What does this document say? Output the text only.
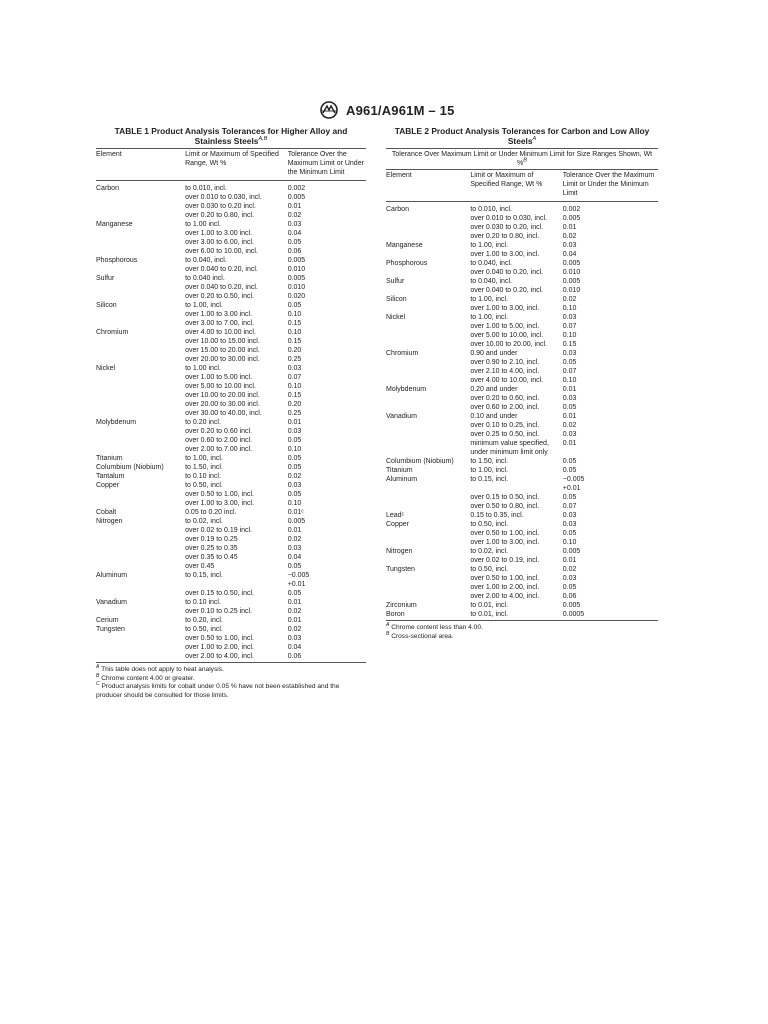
A961/A961M – 15
TABLE 1 Product Analysis Tolerances for Higher Alloy and Stainless Steels$^{A,B}$
Element	Limit or Maximum of Specified Range, Wt %	Tolerance Over the Maximum Limit or Under the Minimum Limit
Carbon	to 0.010, incl.	0.002
	over 0.010 to 0.030, incl.	0.005
	over 0.030 to 0.20 incl.	0.01
	over 0.20 to 0.80, incl.	0.02
Manganese	to 1.00 incl.	0.03
	over 1.00 to 3.00 incl.	0.04
	over 3.00 to 6.00, incl.	0.05
	over 6.00 to 10.00, incl.	0.06
Phosphorous	to 0.040, incl.	0.005
	over 0.040 to 0.20, incl.	0.010
Sulfur	to 0.040 incl.	0.005
	over 0.040 to 0.20, incl.	0.010
	over 0.20 to 0.50, incl.	0.020
Silicon	to 1.00, incl.	0.05
	over 1.00 to 3.00 incl.	0.10
	over 3.00 to 7.00, incl.	0.15
Chromium	over 4.00 to 10.00 incl.	0.10
	over 10.00 to 15.00 incl.	0.15
	over 15.00 to 20.00 incl.	0.20
	over 20.00 to 30.00 incl.	0.25
Nickel	to 1.00 incl.	0.03
	over 1.00 to 5.00 incl.	0.07
	over 5.00 to 10.00 incl.	0.10
	over 10.00 to 20.00 incl.	0.15
	over 20.00 to 30.00 incl.	0.20
	over 30.00 to 40.00, incl.	0.25
Molybdenum	to 0.20 incl.	0.01
	over 0.20 to 0.60 incl.	0.03
	over 0.60 to 2.00 incl.	0.05
	over 2.00 to 7.00 incl.	0.10
Titanium	to 1.00, incl.	0.05
Columbium (Niobium)	to 1.50, incl.	0.05
Tantalum	to 0.10 incl.	0.02
Copper	to 0.50, incl.	0.03
	over 0.50 to 1.00, incl.	0.05
	over 1.00 to 3.00, incl.	0.10
Cobalt	0.05 to 0.20 incl.	0.01ᶜ
Nitrogen	to 0.02, incl.	0.005
	over 0.02 to 0.19 incl.	0.01
	over 0.19 to 0.25	0.02
	over 0.25 to 0.35	0.03
	over 0.35 to 0.45	0.04
	over 0.45	0.05
Aluminum	to 0.15, incl.	−0.005
+0.01
	over 0.15 to 0.50, incl.	0.05
Vanadium	to 0.10 incl.	0.01
	over 0.10 to 0.25 incl.	0.02
Cerium	to 0.20, incl.	0.01
Tungsten	to 0.50, incl.	0.02
	over 0.50 to 1.00, incl.	0.03
	over 1.00 to 2.00, incl.	0.04
	over 2.00 to 4.00, incl.	0.06
$^A$ This table does not apply to heat analysis.
$^B$ Chrome content 4.00 or greater.
$^C$ Product analysis limits for cobalt under 0.05 % have not been established and the producer should be consulted for those limits.
TABLE 2 Product Analysis Tolerances for Carbon and Low Alloy Steels$^A$
Tolerance Over Maximum Limit or Under Minimum Limit for Size Ranges Shown, Wt %$^B$
Element	Limit or Maximum of Specified Range, Wt %	Tolerance Over the Maximum Limit or Under the Minimum Limit
Carbon	to 0.010, incl.	0.002
	over 0.010 to 0.030, incl.	0.005
	over 0.030 to 0.20, incl.	0.01
	over 0.20 to 0.80, incl.	0.02
Manganese	to 1.00, incl.	0.03
	over 1.00 to 3.00, incl.	0.04
Phosphorous	to 0.040, incl.	0.005
	over 0.040 to 0.20, incl.	0.010
Sulfur	to 0.040, incl.	0.005
	over 0.040 to 0.20, incl.	0.010
Silicon	to 1.00, incl.	0.02
	over 1.00 to 3.00, incl.	0.10
Nickel	to 1.00, incl.	0.03
	over 1.00 to 5.00, incl.	0.07
	over 5.00 to 10.00, incl.	0.10
	over 10.00 to 20.00, incl.	0.15
Chromium	0.90 and under	0.03
	over 0.90 to 2.10, incl.	0.05
	over 2.10 to 4.00, incl.	0.07
	over 4.00 to 10.00, incl.	0.10
Molybdenum	0.20 and under	0.01
	over 0.20 to 0.60, incl.	0.03
	over 0.60 to 2.00, incl.	0.05
Vanadium	0.10 and under	0.01
	over 0.10 to 0.25, incl.	0.02
	over 0.25 to 0.50, incl.	0.03
	minimum value specified, under minimum limit only	0.01
Columbium (Niobium)	to 1.50, incl.	0.05
Titanium	to 1.00, incl.	0.05
Aluminum	to 0.15, incl.	−0.005
+0.01
	over 0.15 to 0.50, incl.	0.05
	over 0.50 to 0.80, incl.	0.07
Leadᶜ	0.15 to 0.35, incl.	0.03
Copper	to 0.50, incl.	0.03
	over 0.50 to 1.00, incl.	0.05
	over 1.00 to 3.00, incl.	0.10
Nitrogen	to 0.02, incl.	0.005
	over 0.02 to 0.19, incl.	0.01
Tungsten	to 0.50, incl.	0.02
	over 0.50 to 1.00, incl.	0.03
	over 1.00 to 2.00, incl.	0.05
	over 2.00 to 4.00, incl.	0.06
Zirconium	to 0.01, incl.	0.005
Boron	to 0.01, incl.	0.0005
$^A$ Chrome content less than 4.00.
$^B$ Cross-sectional area.
